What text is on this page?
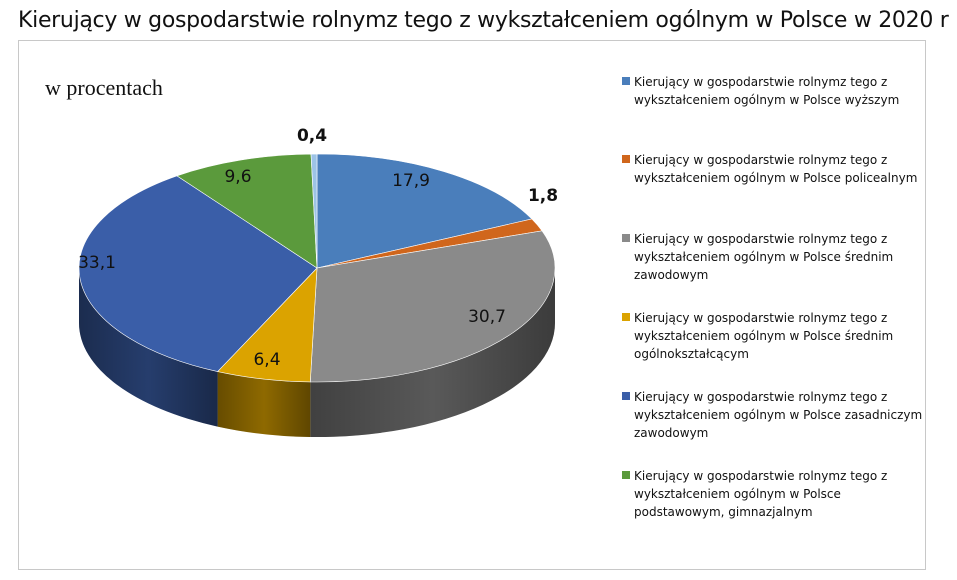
Kierujący w gospodarstwie rolnymz tego z wykształceniem ogólnym w Polsce w 2020 r
w procentach
17,9
1,8
30,7
6,4
33,1
9,6
0,4
Kierujący w gospodarstwie rolnymz tego z wykształceniem ogólnym w Polsce wyższym
Kierujący w gospodarstwie rolnymz tego z wykształceniem ogólnym w Polsce policealnym
Kierujący w gospodarstwie rolnymz tego z wykształceniem ogólnym w Polsce średnim zawodowym
Kierujący w gospodarstwie rolnymz tego z wykształceniem ogólnym w Polsce średnim ogólnokształcącym
Kierujący w gospodarstwie rolnymz tego z wykształceniem ogólnym w Polsce zasadniczym zawodowym
Kierujący w gospodarstwie rolnymz tego z wykształceniem ogólnym w Polsce podstawowym, gimnazjalnym
